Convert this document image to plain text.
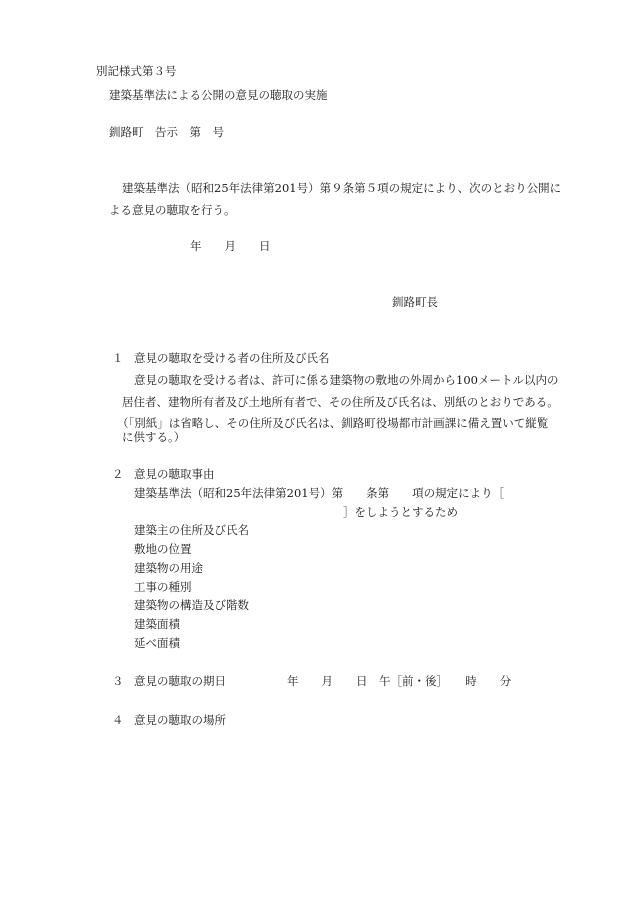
別記様式第３号
建築基準法による公開の意見の聴取の実施
釧路町　告示　第　号
建築基準法（昭和25年法律第201号）第９条第５項の規定により、次のとおり公開に
よる意見の聴取を行う。
年　　月　　日
釧路町長
１ 意見の聴取を受ける者の住所及び氏名
意見の聴取を受ける者は、許可に係る建築物の敷地の外周から100メートル以内の
居住者、建物所有者及び土地所有者で、その住所及び氏名は、別紙のとおりである。
（「別紙」は省略し、その住所及び氏名は、釧路町役場都市計画課に備え置いて縦覧
に供する。）
２ 意見の聴取事由
建築基準法（昭和25年法律第201号）第　　条第　　項の規定により［
］をしようとするため
建築主の住所及び氏名
敷地の位置
建築物の用途
工事の種別
建築物の構造及び階数
建築面積
延べ面積
３ 意見の聴取の期日	年　　月　　日　午［前・後］　　時　　分
４ 意見の聴取の場所
